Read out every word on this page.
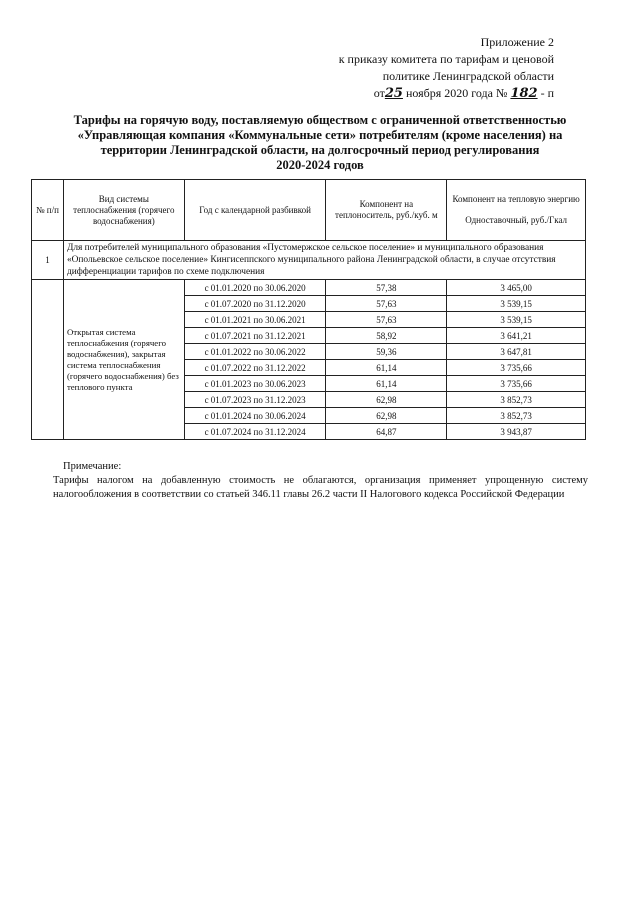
Приложение 2
к приказу комитета по тарифам и ценовой
политике Ленинградской области
от25 ноября 2020 года № 182 - п
Тарифы на горячую воду, поставляемую обществом с ограниченной ответственностью
«Управляющая компания «Коммунальные сети» потребителям (кроме населения) на
территории Ленинградской области, на долгосрочный период регулирования
2020-2024 годов
№ п/п	Вид системы теплоснабжения (горячего водоснабжения)	Год с календарной разбивкой	Компонент на теплоноситель, руб./куб. м	Компонент на тепловую энергию
Одноставочный, руб./Гкал

1	Для потребителей муниципального образования «Пустомержское сельское поселение» и муниципального образования «Опольевское сельское поселение» Кингисеппского муниципального района Ленинградской области, в случае отсутствия дифференциации тарифов по схеме подключения			
	Открытая система теплоснабжения (горячего водоснабжения), закрытая система теплоснабжения (горячего водоснабжения) без теплового пункта	с 01.01.2020 по 30.06.2020	57,38	3 465,00
		с 01.07.2020 по 31.12.2020	57,63	3 539,15
		с 01.01.2021 по 30.06.2021	57,63	3 539,15
		с 01.07.2021 по 31.12.2021	58,92	3 641,21
		с 01.01.2022 по 30.06.2022	59,36	3 647,81
		с 01.07.2022 по 31.12.2022	61,14	3 735,66
		с 01.01.2023 по 30.06.2023	61,14	3 735,66
		с 01.07.2023 по 31.12.2023	62,98	3 852,73
		с 01.01.2024 по 30.06.2024	62,98	3 852,73
		с 01.07.2024 по 31.12.2024	64,87	3 943,87
Примечание:
Тарифы налогом на добавленную стоимость не облагаются, организация применяет упрощенную систему налогообложения в соответствии со статьей 346.11 главы 26.2 части II Налогового кодекса Российской Федерации
